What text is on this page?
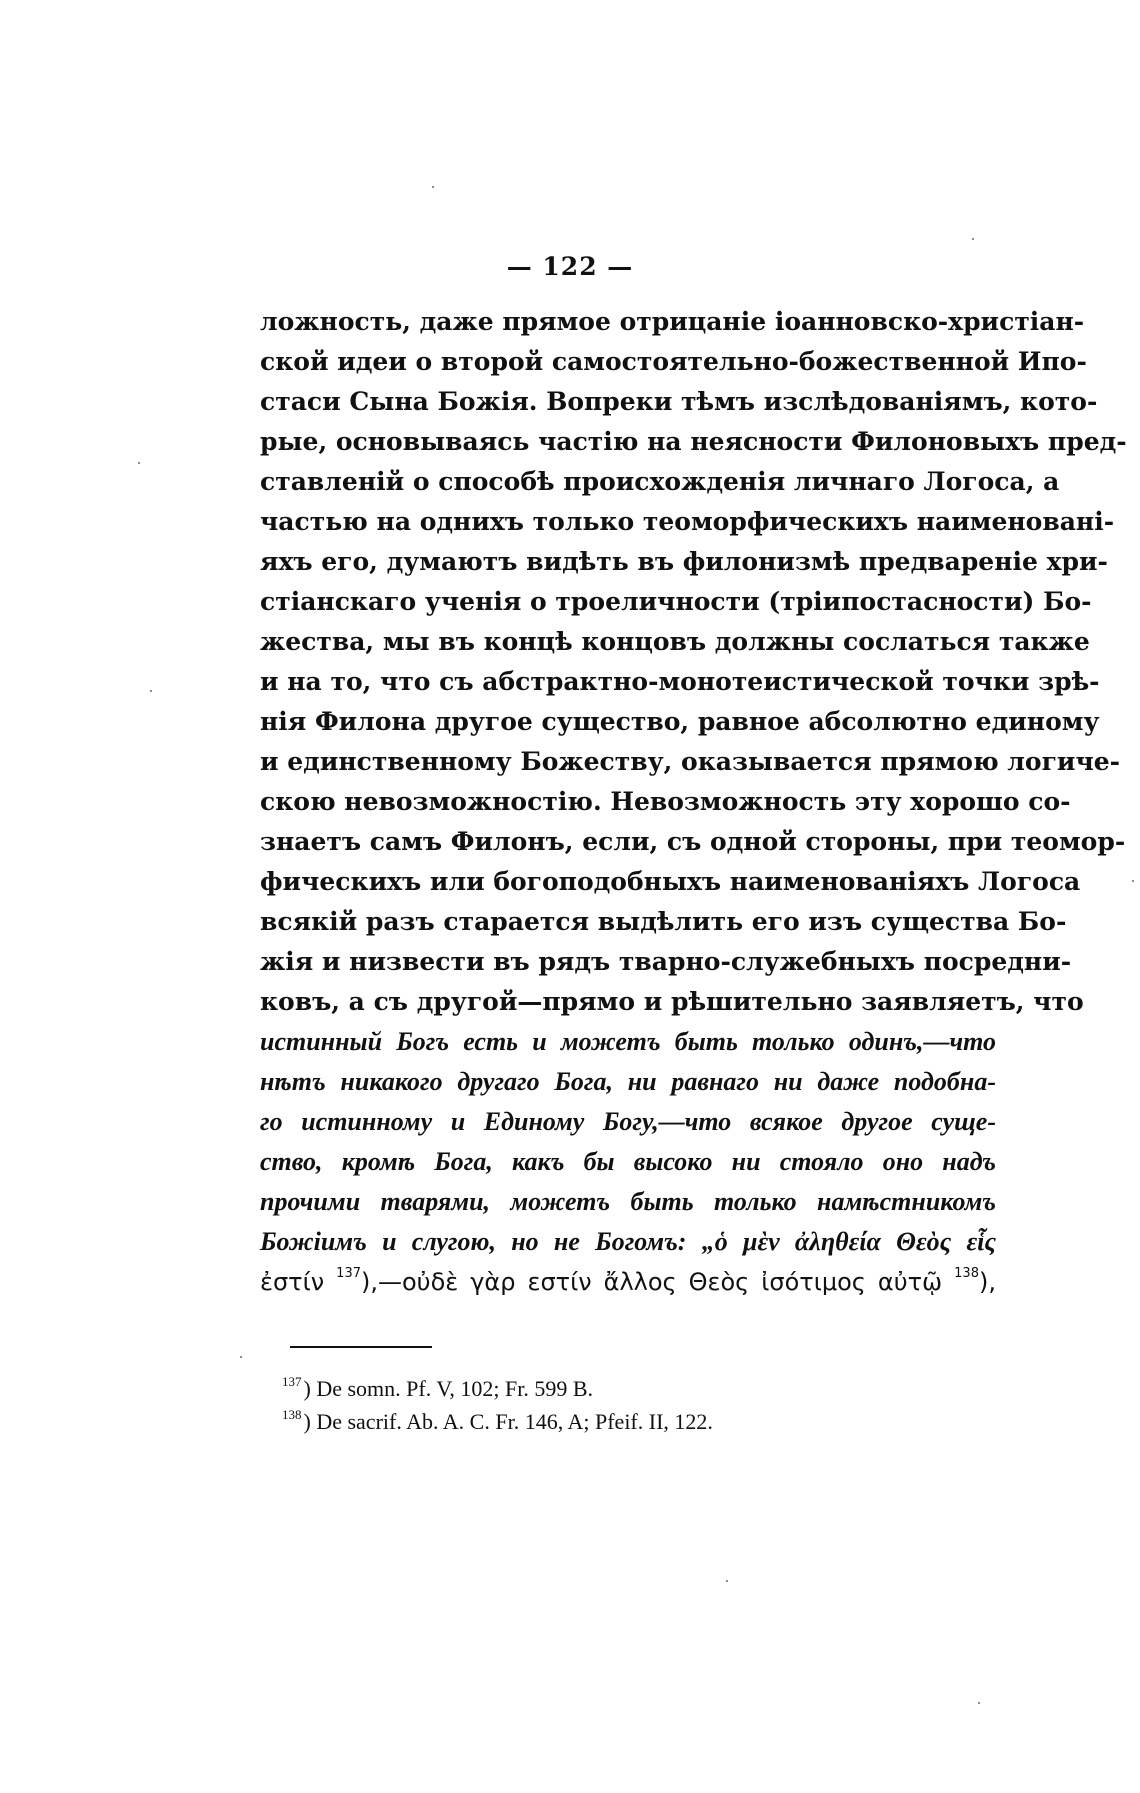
— 122 —
ложность, даже прямое отрицаніе іоанновско-христіан-
ской идеи о второй самостоятельно-божественной Ипо-
стаси Сына Божія. Вопреки тѣмъ изслѣдованіямъ, кото-
рые, основываясь частію на неясности Филоновыхъ пред-
ставленій о способѣ происхожденія личнаго Логоса, а
частью на однихъ только теоморфическихъ наименовані-
яхъ его, думаютъ видѣть въ филонизмѣ предвареніе хри-
стіанскаго ученія о троеличности (тріипостасности) Бо-
жества, мы въ концѣ концовъ должны сослаться также
и на то, что съ абстрактно-монотеистической точки зрѣ-
нія Филона другое существо, равное абсолютно единому
и единственному Божеству, оказывается прямою логиче-
скою невозможностію. Невозможность эту хорошо со-
знаетъ самъ Филонъ, если, съ одной стороны, при теомор-
фическихъ или богоподобныхъ наименованіяхъ Логоса
всякій разъ старается выдѣлить его изъ существа Бо-
жія и низвести въ рядъ тварно-служебныхъ посредни-
ковъ, а съ другой—прямо и рѣшительно заявляетъ, что
истинный Богъ есть и можетъ быть только одинъ,—что
нѣтъ никакого другаго Бога, ни равнаго ни даже подобна-
го истинному и Единому Богу,—что всякое другое суще-
ство, кромѣ Бога, какъ бы высоко ни стояло оно надъ
прочими тварями, можетъ быть только намѣстникомъ
Божіимъ и слугою, но не Богомъ: „ὁ μὲν ἀληθεία Θεὸς εἷς
ἐστίν $^{137}$),—οὐδὲ γὰρ εστίν ἄλλος Θεὸς ἰσότιμος αὐτῷ $^{138}$),
$^{137}$) De somn. Pf. V, 102; Fr. 599 B.
$^{138}$) De sacrif. Ab. A. C. Fr. 146, A; Pfeif. II, 122.
